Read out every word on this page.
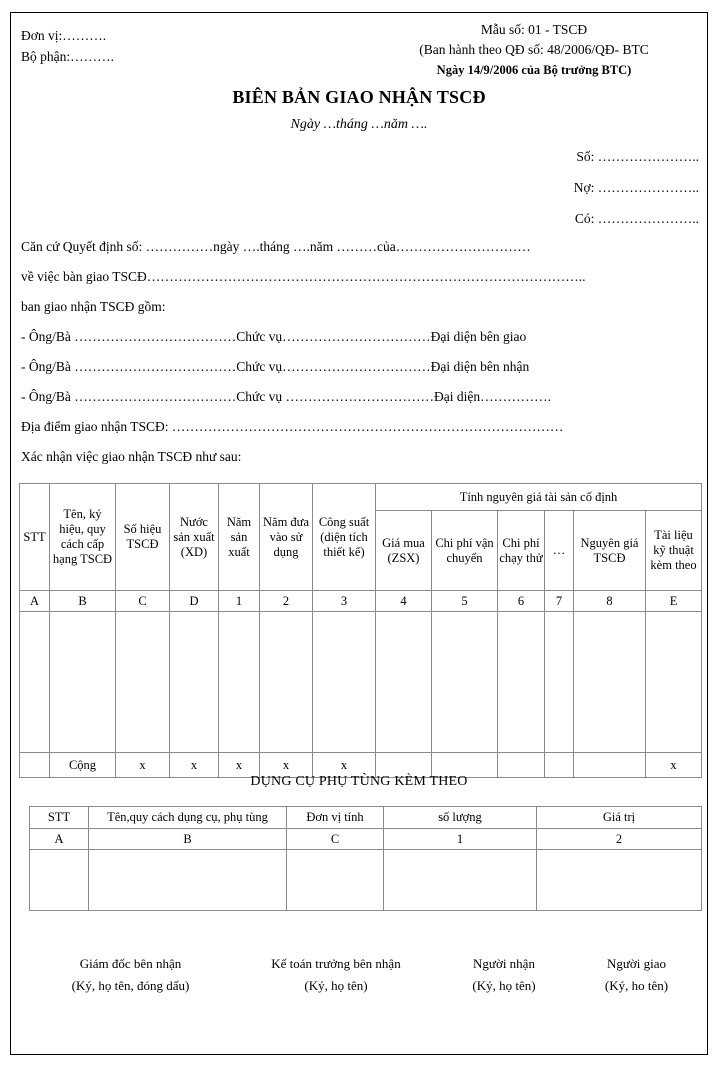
Đơn vị:……….
Bộ phận:……….
Mẫu số: 01 - TSCĐ
(Ban hành theo QĐ số: 48/2006/QĐ- BTC
Ngày 14/9/2006 của Bộ trưởng BTC)
BIÊN BẢN GIAO NHẬN TSCĐ
Ngày …tháng …năm ….
Số: …………………..
Nợ: …………………..
Có: …………………..

Căn cứ Quyết định số: ……………ngày ….tháng ….năm ………của…………………………

về việc bàn giao TSCĐ……………………………………………………………………………………..

ban giao nhận TSCĐ gồm:

- Ông/Bà ………………………………Chức vụ……………………………Đại diện bên giao

- Ông/Bà ………………………………Chức vụ……………………………Đại diện bên nhận

- Ông/Bà ………………………………Chức vụ ……………………………Đại diện…………….

Địa điểm giao nhận TSCĐ: ……………………………………………………………………………

Xác nhận việc giao nhận TSCĐ như sau:

STT	Tên, ký hiệu, quy cách cấp hạng TSCĐ	Số hiệu TSCĐ	Nước sản xuất (XD)	Năm sản xuất	Năm đưa vào sử dụng	Công suất (diện tích thiết kế)	Tính nguyên giá tài sản cố định					
							Giá mua (ZSX)	Chi phí vận chuyển	Chi phí chạy thử	…	Nguyên giá TSCĐ	Tài liệu kỹ thuật kèm theo
A	B	C	D	1	2	3	4	5	6	7	8	E

	Cộng	x	x	x	x	x						x
DỤNG CỤ PHỤ TÙNG KÈM THEO
STT	Tên,quy cách dụng cụ, phụ tùng	Đơn vị tính	số lượng	Giá trị
A	B	C	1	2

Giám đốc bên nhận
(Ký, họ tên, đóng dấu)
Kế toán trưởng bên nhận
(Ký, họ tên)
Người nhận
(Ký, họ tên)
Người giao
(Ký, ho tên)
